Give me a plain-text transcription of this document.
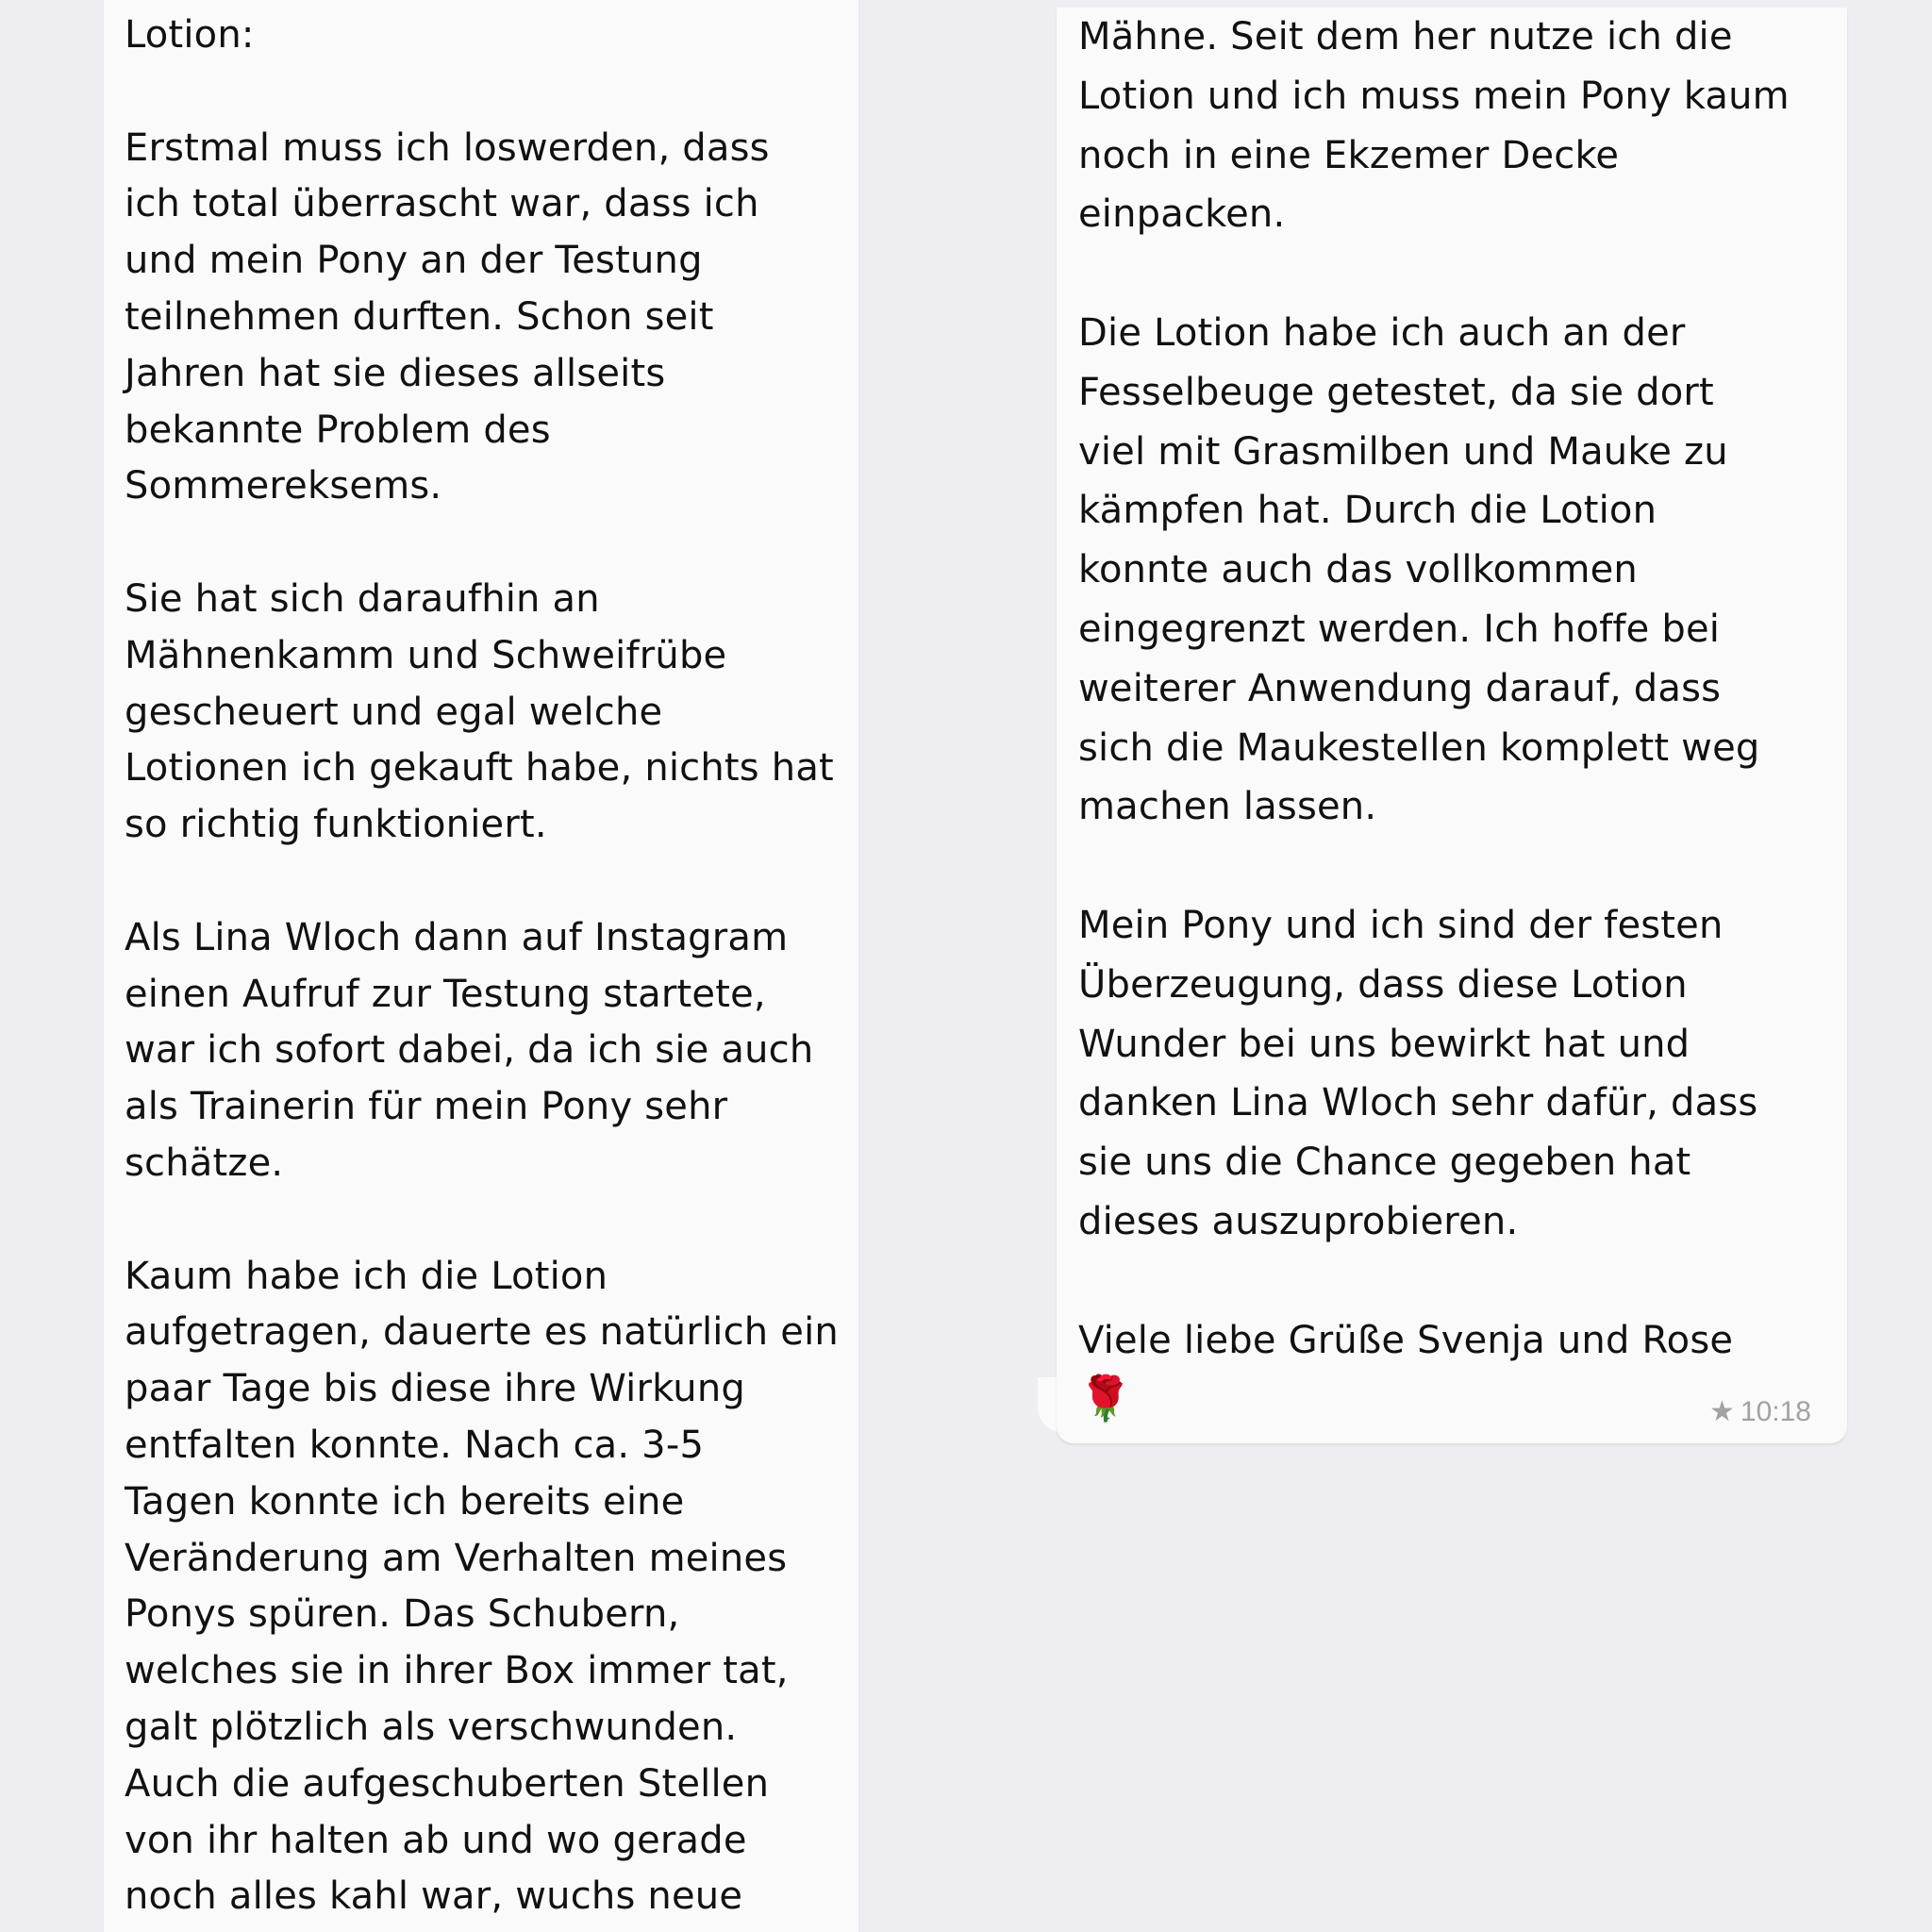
Lotion:

Erstmal muss ich loswerden, dass
ich total überrascht war, dass ich
und mein Pony an der Testung
teilnehmen durften. Schon seit
Jahren hat sie dieses allseits
bekannte Problem des
Sommereksems.

Sie hat sich daraufhin an
Mähnenkamm und Schweifrübe
gescheuert und egal welche
Lotionen ich gekauft habe, nichts hat
so richtig funktioniert.

Als Lina Wloch dann auf Instagram
einen Aufruf zur Testung startete,
war ich sofort dabei, da ich sie auch
als Trainerin für mein Pony sehr
schätze.

Kaum habe ich die Lotion
aufgetragen, dauerte es natürlich ein
paar Tage bis diese ihre Wirkung
entfalten konnte. Nach ca. 3-5
Tagen konnte ich bereits eine
Veränderung am Verhalten meines
Ponys spüren. Das Schubern,
welches sie in ihrer Box immer tat,
galt plötzlich als verschwunden.
Auch die aufgeschuberten Stellen
von ihr halten ab und wo gerade
noch alles kahl war, wuchs neue

Mähne. Seit dem her nutze ich die
Lotion und ich muss mein Pony kaum
noch in eine Ekzemer Decke
einpacken.

Die Lotion habe ich auch an der
Fesselbeuge getestet, da sie dort
viel mit Grasmilben und Mauke zu
kämpfen hat. Durch die Lotion
konnte auch das vollkommen
eingegrenzt werden. Ich hoffe bei
weiterer Anwendung darauf, dass
sich die Maukestellen komplett weg
machen lassen.

Mein Pony und ich sind der festen
Überzeugung, dass diese Lotion
Wunder bei uns bewirkt hat und
danken Lina Wloch sehr dafür, dass
sie uns die Chance gegeben hat
dieses auszuprobieren.

Viele liebe Grüße Svenja und Rose

🌹	★ 10:18
